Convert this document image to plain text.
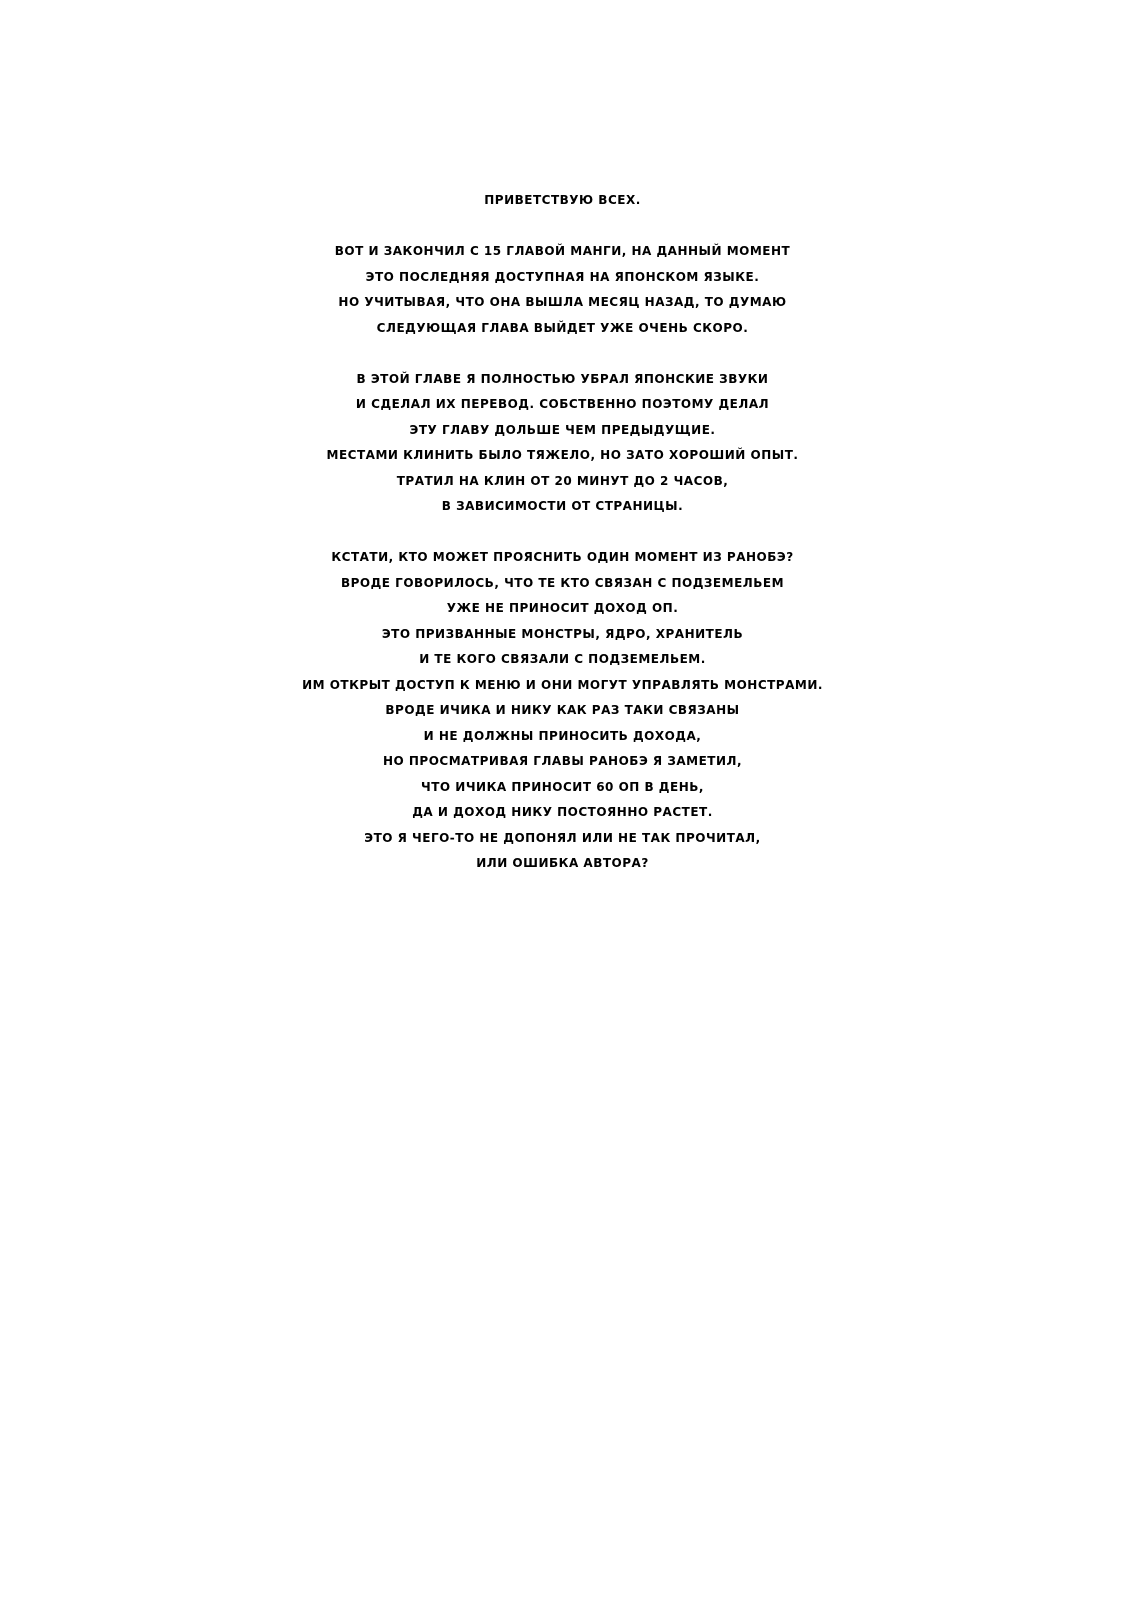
ПРИВЕТСТВУЮ ВСЕХ.
ВОТ И ЗАКОНЧИЛ С 15 ГЛАВОЙ МАНГИ, НА ДАННЫЙ МОМЕНТ
ЭТО ПОСЛЕДНЯЯ ДОСТУПНАЯ НА ЯПОНСКОМ ЯЗЫКЕ.
НО УЧИТЫВАЯ, ЧТО ОНА ВЫШЛА МЕСЯЦ НАЗАД, ТО ДУМАЮ
СЛЕДУЮЩАЯ ГЛАВА ВЫЙДЕТ УЖЕ ОЧЕНЬ СКОРО.
В ЭТОЙ ГЛАВЕ Я ПОЛНОСТЬЮ УБРАЛ ЯПОНСКИЕ ЗВУКИ
И СДЕЛАЛ ИХ ПЕРЕВОД. СОБСТВЕННО ПОЭТОМУ ДЕЛАЛ
ЭТУ ГЛАВУ ДОЛЬШЕ ЧЕМ ПРЕДЫДУЩИЕ.
МЕСТАМИ КЛИНИТЬ БЫЛО ТЯЖЕЛО, НО ЗАТО ХОРОШИЙ ОПЫТ.
ТРАТИЛ НА КЛИН ОТ 20 МИНУТ ДО 2 ЧАСОВ,
В ЗАВИСИМОСТИ ОТ СТРАНИЦЫ.
КСТАТИ, КТО МОЖЕТ ПРОЯСНИТЬ ОДИН МОМЕНТ ИЗ РАНОБЭ?
ВРОДЕ ГОВОРИЛОСЬ, ЧТО ТЕ КТО СВЯЗАН С ПОДЗЕМЕЛЬЕМ
УЖЕ НЕ ПРИНОСИТ ДОХОД ОП.
ЭТО ПРИЗВАННЫЕ МОНСТРЫ, ЯДРО, ХРАНИТЕЛЬ
И ТЕ КОГО СВЯЗАЛИ С ПОДЗЕМЕЛЬЕМ.
ИМ ОТКРЫТ ДОСТУП К МЕНЮ И ОНИ МОГУТ УПРАВЛЯТЬ МОНСТРАМИ.
ВРОДЕ ИЧИКА И НИКУ КАК РАЗ ТАКИ СВЯЗАНЫ
И НЕ ДОЛЖНЫ ПРИНОСИТЬ ДОХОДА,
НО ПРОСМАТРИВАЯ ГЛАВЫ РАНОБЭ Я ЗАМЕТИЛ,
ЧТО ИЧИКА ПРИНОСИТ 60 ОП В ДЕНЬ,
ДА И ДОХОД НИКУ ПОСТОЯННО РАСТЕТ.
ЭТО Я ЧЕГО-ТО НЕ ДОПОНЯЛ ИЛИ НЕ ТАК ПРОЧИТАЛ,
ИЛИ ОШИБКА АВТОРА?
